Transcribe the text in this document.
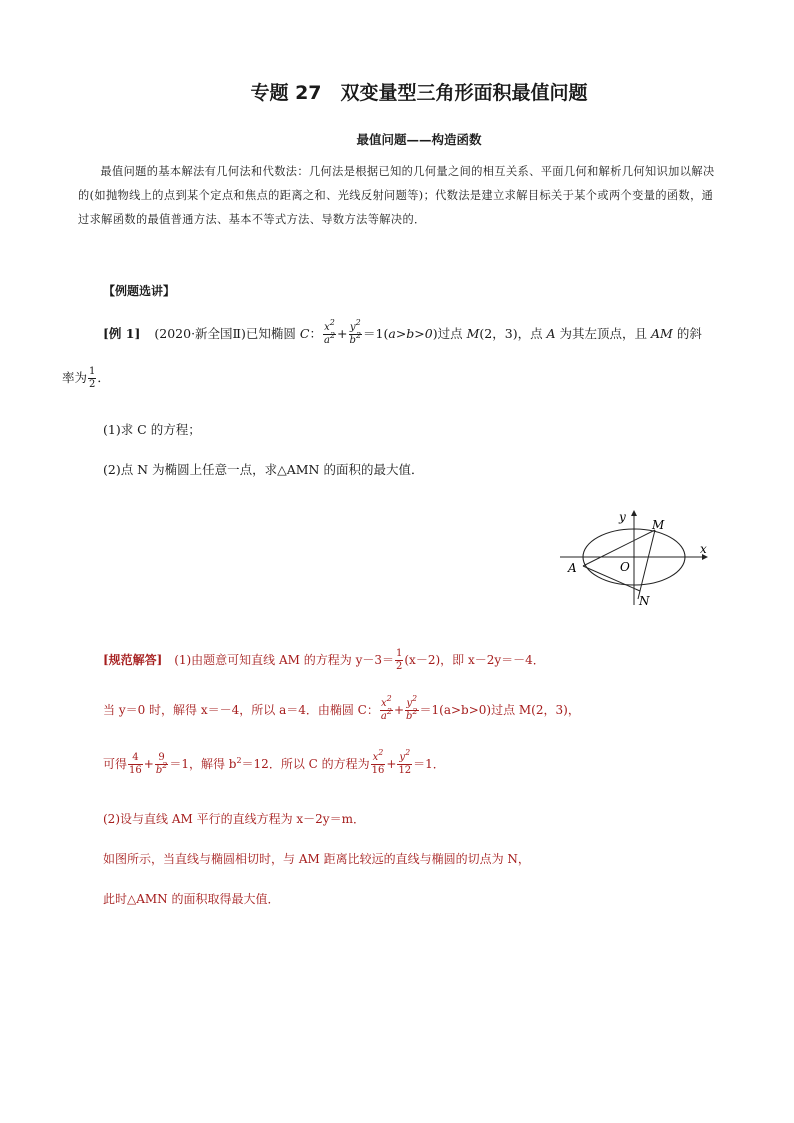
专题 27　双变量型三角形面积最值问题
最值问题——构造函数
最值问题的基本解法有几何法和代数法：几何法是根据已知的几何量之间的相互关系、平面几何和解析几何知识加以解决的(如抛物线上的点到某个定点和焦点的距离之和、光线反射问题等)；代数法是建立求解目标关于某个或两个变量的函数，通过求解函数的最值普通方法、基本不等式方法、导数方法等解决的．
【例题选讲】
[例 1] (2020·新全国Ⅱ)已知椭圆 C： $\frac{x^2}{a^2} + \frac{y^2}{b^2} =1(a>b>0)$过点 M(2，3)，点 A 为其左顶点，且 AM 的斜
率为 $\frac{1}{2}$ ．
(1)求 C 的方程；
(2)点 N 为椭圆上任意一点，求△AMN 的面积的最大值．
y
x
M
A	O
N
[规范解答] (1)由题意可知直线 AM 的方程为 $y-3= \frac{1}{2} (x-2)$，即 x－2y＝－4．
当 y＝0 时，解得 x＝－4，所以 a＝4．由椭圆 C： $\frac{x^2}{a^2} + \frac{y^2}{b^2} =1(a>b>0)$过点 M(2，3)，
可得 $\frac{4}{16} + \frac{9}{b^2} =1$，解得 $b^2=12$．所以 C 的方程为 $\frac{x^2}{16} + \frac{y^2}{12} =1$．
(2)设与直线 AM 平行的直线方程为 x－2y＝m．
如图所示，当直线与椭圆相切时，与 AM 距离比较远的直线与椭圆的切点为 N，
此时△AMN 的面积取得最大值．
